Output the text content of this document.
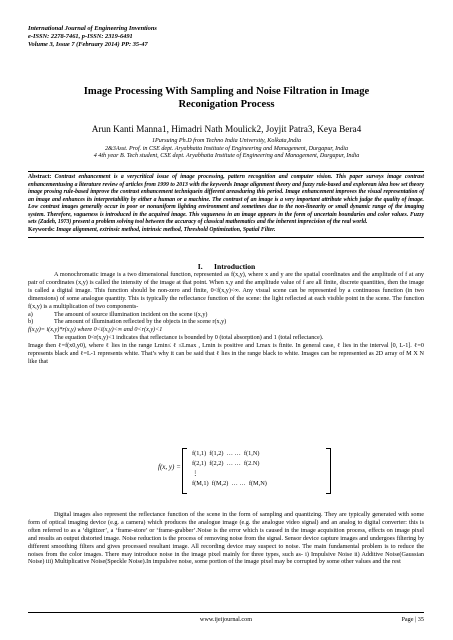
International Journal of Engineering Inventions
e-ISSN: 2278-7461, p-ISSN: 2319-6491
Volume 3, Issue 7 (February 2014) PP: 35-47
Image Processing With Sampling and Noise Filtration in Image
Reconigation Process
Arun Kanti Manna1, Himadri Nath Moulick2, Joyjit Patra3, Keya Bera4
1Pursuing Ph.D from Techno India University, Kolkata,India
2&3Asst. Prof. in CSE dept. Aryabhatta Institute of Engineering and Management, Durgapur, India
4 4th year B. Tech student, CSE dept. Aryabhatta Institute of Engineering and Management, Durgapur, India
Abstract: Contrast enhancement is a verycritical issue of image processing, pattern recognition and computer vision. This paper surveys image contrast enhancementusing a literature review of articles from 1999 to 2013 with the keywords Image alignment theory and fuzzy rule-based and explorean idea how set theory image prosing rule-based improve the contrast enhancement techniquein different areasduring this period. Image enhancement improves the visual representation of an image and enhances its interpretability by either a human or a machine. The contrast of an image is a very important attribute which judge the quality of image. Low contrast images generally occur in poor or nonuniform lighting environment and sometimes due to the non-linearity or small dynamic range of the imaging system. Therefore, vagueness is introduced in the acquired image. This vagueness in an image appears in the form of uncertain boundaries and color values. Fuzzy sets (Zadeh, 1973) present a problem solving tool between the accuracy of classical mathematics and the inherent imprecision of the real world.
Keywords: Image alignment, extrinsic method, intrinsic method, Threshold Optimization, Spatial Filter.
I.      Introduction

A monochromatic image is a two dimensional function, represented as f(x,y), where x and y are the spatial coordinates and the amplitude of f at any pair of coordinates (x,y) is called the intensity of the image at that point. When x,y and the amplitude value of f are all finite, discrete quantities, then the image is called a digital image. This function should be non-zero and finite, 0<f(x,y)<∞. Any visual scene can be represented by a continuous function (in two dimensions) of some analogue quantity. This is typically the reflectance function of the scene: the light reflected at each visible point in the scene. The function f(x,y) is a multiplication of two components-

a)	The amount of source illumination incident on the scene i(x,y)
b)	The amount of illumination reflected by the objects in the scene r(x,y)

f(x,y)= i(x,y)*r(x,y) where 0<i(x,y)<∞ and 0<r(x,y)<1

The equation 0<r(x,y)<1 indicates that reflectance is bounded by 0 (total absorption) and 1 (total reflectance).

Image then ℓ=f(x0,y0), where ℓ lies in the range Lmin≤ ℓ ≤Lmax , Lmin is positive and Lmax is finite. In general case, ℓ lies in the interval [0, L-1]. ℓ=0 represents black and ℓ=L-1 represents white. That’s why it can be said that ℓ lies in the range black to white. Images can be represented as 2D array of M X N like that

f(x, y) =
f(1,1)  f(1,2)  … …  f(1,N)
f(2,1)  f(2,2)  … …  f(2.N)
⋮
f(M,1)  f(M,2)  … …  f(M,N)

Digital images also represent the reflectance function of the scene in the form of sampling and quantizing. They are typically generated with some form of optical imaging device (e.g. a camera) which produces the analogue image (e.g. the analogue video signal) and an analog to digital converter: this is often referred to as a ‘digitizer’, a ‘frame-store’ or ‘frame-grabber’.Noise is the error which is caused in the image acquisition process, effects on image pixel and results an output distorted image. Noise reduction is the process of removing noise from the signal. Sensor device capture images and undergoes filtering by different smoothing filters and gives processed resultant image. All recording device may suspect to noise. The main fundamental problem is to reduce the noises from the color images. There may introduce noise in the image pixel mainly for three types, such as- i) Impulsive Noise ii) Additive Noise(Gaussian Noise) iii) Multiplicative Noise(Speckle Noise).In impulsive noise, some portion of the image pixel may be corrupted by some other values and the rest

www.ijeijournal.com	Page | 35
